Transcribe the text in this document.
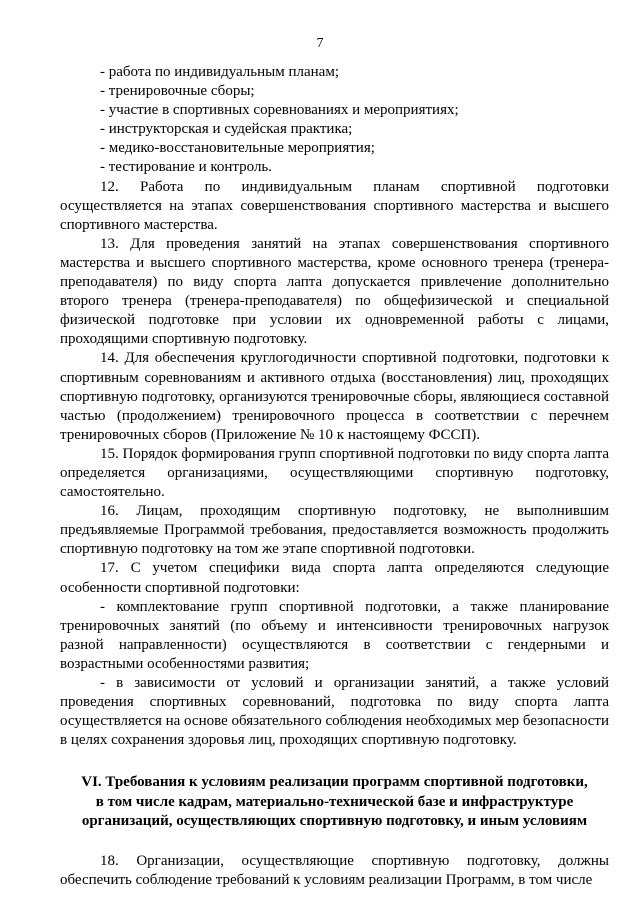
7

- работа по индивидуальным планам;

- тренировочные сборы;

- участие в спортивных соревнованиях и мероприятиях;

- инструкторская и судейская практика;

- медико-восстановительные мероприятия;

- тестирование и контроль.

12. Работа по индивидуальным планам спортивной подготовки осуществляется на этапах совершенствования спортивного мастерства и высшего спортивного мастерства.

13. Для проведения занятий на этапах совершенствования спортивного мастерства и высшего спортивного мастерства, кроме основного тренера (тренера-преподавателя) по виду спорта лапта допускается привлечение дополнительно второго тренера (тренера-преподавателя) по общефизической и специальной физической подготовке при условии их одновременной работы с лицами, проходящими спортивную подготовку.

14. Для обеспечения круглогодичности спортивной подготовки, подготовки к спортивным соревнованиям и активного отдыха (восстановления) лиц, проходящих спортивную подготовку, организуются тренировочные сборы, являющиеся составной частью (продолжением) тренировочного процесса в соответствии с перечнем тренировочных сборов (Приложение № 10 к настоящему ФССП).

15. Порядок формирования групп спортивной подготовки по виду спорта лапта определяется организациями, осуществляющими спортивную подготовку, самостоятельно.

16. Лицам, проходящим спортивную подготовку, не выполнившим предъявляемые Программой требования, предоставляется возможность продолжить спортивную подготовку на том же этапе спортивной подготовки.

17. С учетом специфики вида спорта лапта определяются следующие особенности спортивной подготовки:

- комплектование групп спортивной подготовки, а также планирование тренировочных занятий (по объему и интенсивности тренировочных нагрузок разной направленности) осуществляются в соответствии с гендерными и возрастными особенностями развития;

- в зависимости от условий и организации занятий, а также условий проведения спортивных соревнований, подготовка по виду спорта лапта осуществляется на основе обязательного соблюдения необходимых мер безопасности в целях сохранения здоровья лиц, проходящих спортивную подготовку.

VI. Требования к условиям реализации программ спортивной подготовки,
в том числе кадрам, материально-технической базе и инфраструктуре
организаций, осуществляющих спортивную подготовку, и иным условиям

18. Организации, осуществляющие спортивную подготовку, должны обеспечить соблюдение требований к условиям реализации Программ, в том числе
